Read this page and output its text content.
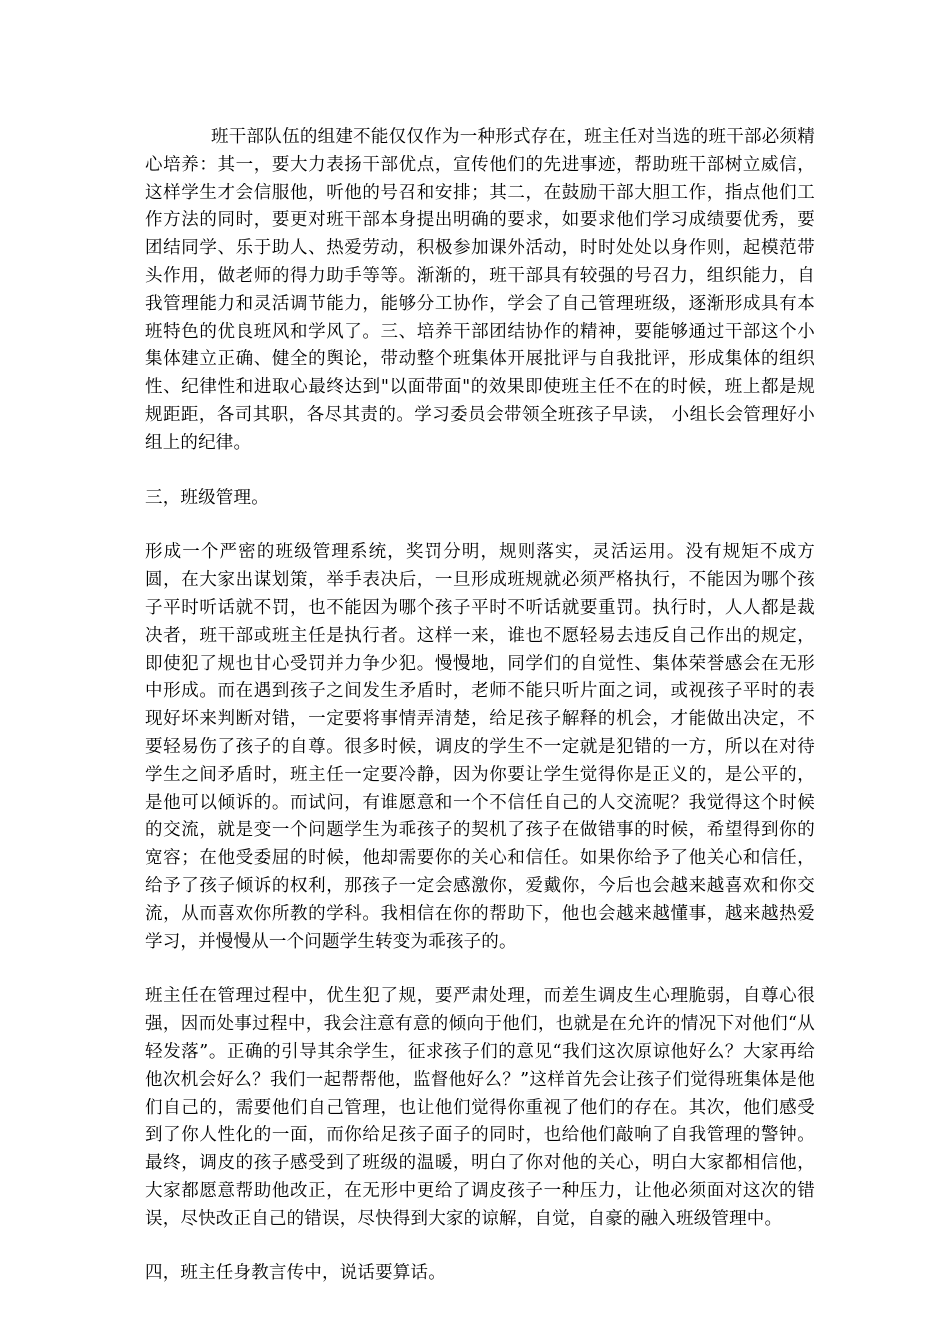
班干部队伍的组建不能仅仅作为一种形式存在，班主任对当选的班干部必须精心培养：其一，要大力表扬干部优点，宣传他们的先进事迹，帮助班干部树立威信，这样学生才会信服他，听他的号召和安排；其二，在鼓励干部大胆工作，指点他们工作方法的同时，要更对班干部本身提出明确的要求，如要求他们学习成绩要优秀，要团结同学、乐于助人、热爱劳动，积极参加课外活动，时时处处以身作则，起模范带头作用，做老师的得力助手等等。渐渐的，班干部具有较强的号召力，组织能力，自我管理能力和灵活调节能力，能够分工协作，学会了自己管理班级，逐渐形成具有本班特色的优良班风和学风了。三、培养干部团结协作的精神，要能够通过干部这个小集体建立正确、健全的舆论，带动整个班集体开展批评与自我批评，形成集体的组织性、纪律性和进取心最终达到"以面带面"的效果即使班主任不在的时候，班上都是规规距距，各司其职，各尽其责的。学习委员会带领全班孩子早读， 小组长会管理好小组上的纪律。

三，班级管理。

形成一个严密的班级管理系统，奖罚分明，规则落实，灵活运用。没有规矩不成方圆，在大家出谋划策，举手表决后，一旦形成班规就必须严格执行，不能因为哪个孩子平时听话就不罚，也不能因为哪个孩子平时不听话就要重罚。执行时，人人都是裁决者，班干部或班主任是执行者。这样一来，谁也不愿轻易去违反自己作出的规定，即使犯了规也甘心受罚并力争少犯。慢慢地，同学们的自觉性、集体荣誉感会在无形中形成。而在遇到孩子之间发生矛盾时，老师不能只听片面之词，或视孩子平时的表现好坏来判断对错，一定要将事情弄清楚，给足孩子解释的机会，才能做出决定，不要轻易伤了孩子的自尊。很多时候，调皮的学生不一定就是犯错的一方，所以在对待学生之间矛盾时，班主任一定要冷静，因为你要让学生觉得你是正义的，是公平的，是他可以倾诉的。而试问，有谁愿意和一个不信任自己的人交流呢？我觉得这个时候的交流，就是变一个问题学生为乖孩子的契机了孩子在做错事的时候，希望得到你的宽容；在他受委屈的时候，他却需要你的关心和信任。如果你给予了他关心和信任，给予了孩子倾诉的权利，那孩子一定会感激你，爱戴你，今后也会越来越喜欢和你交流，从而喜欢你所教的学科。我相信在你的帮助下，他也会越来越懂事，越来越热爱学习，并慢慢从一个问题学生转变为乖孩子的。

班主任在管理过程中，优生犯了规，要严肃处理，而差生调皮生心理脆弱，自尊心很强，因而处事过程中，我会注意有意的倾向于他们，也就是在允许的情况下对他们“从轻发落”。正确的引导其余学生，征求孩子们的意见“我们这次原谅他好么？大家再给他次机会好么？我们一起帮帮他，监督他好么？”这样首先会让孩子们觉得班集体是他们自己的，需要他们自己管理，也让他们觉得你重视了他们的存在。其次，他们感受到了你人性化的一面，而你给足孩子面子的同时，也给他们敲响了自我管理的警钟。最终，调皮的孩子感受到了班级的温暖，明白了你对他的关心，明白大家都相信他，大家都愿意帮助他改正，在无形中更给了调皮孩子一种压力，让他必须面对这次的错误，尽快改正自己的错误，尽快得到大家的谅解，自觉，自豪的融入班级管理中。

四，班主任身教言传中，说话要算话。
